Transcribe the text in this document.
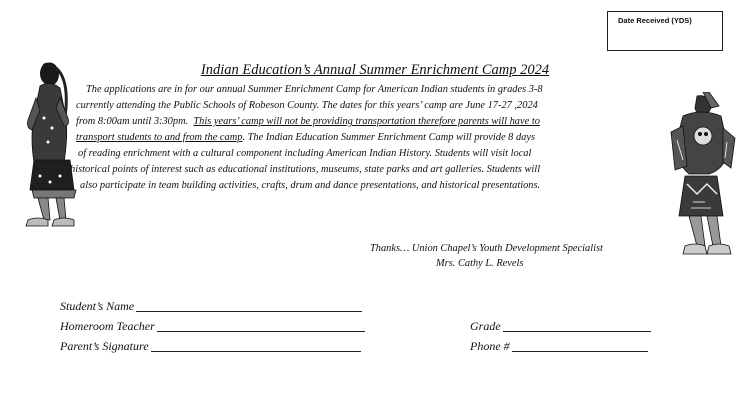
Date Received (YDS)
Indian Education’s Annual Summer Enrichment Camp 2024
The applications are in for our annual Summer Enrichment Camp for American Indian students in grades 3-8
currently attending the Public Schools of Robeson County. The dates for this years’ camp are June 17-27 ,2024
from 8:00am until 3:30pm.  This years’ camp will not be providing transportation therefore parents will have to
transport students to and from the camp. The Indian Education Summer Enrichment Camp will provide 8 days
of reading enrichment with a cultural component including American Indian History. Students will visit local
historical points of interest such as educational institutions, museums, state parks and art galleries. Students will
also participate in team building activities, crafts, drum and dance presentations, and historical presentations.
Thanks… Union Chapel’s Youth Development Specialist
Mrs. Cathy L. Revels
Student’s Name
Homeroom Teacher
Parent’s Signature
Grade
Phone #
